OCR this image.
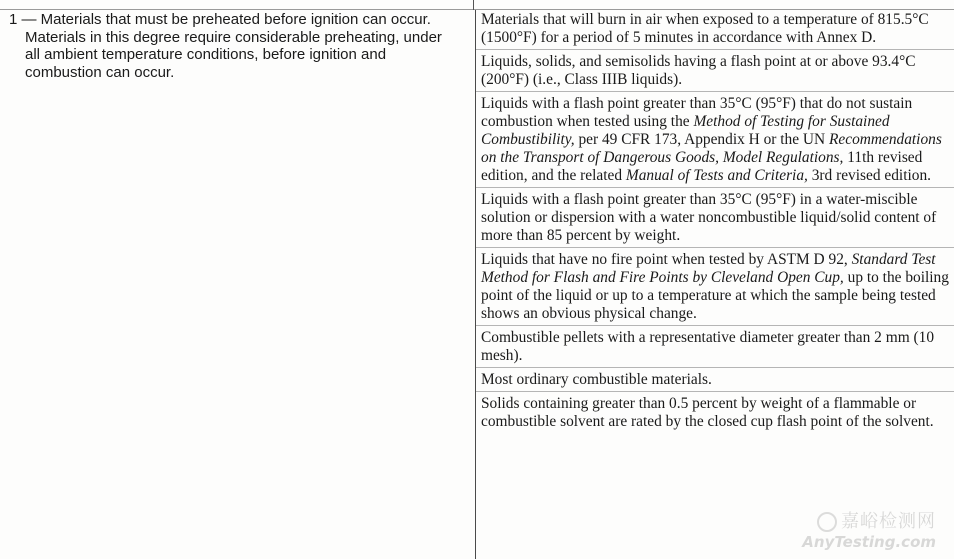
1 — Materials that must be preheated before ignition can occur. Materials in this degree require considerable preheating, under all ambient temperature conditions, before ignition and combustion can occur.
Materials that will burn in air when exposed to a temperature of 815.5°C (1500°F) for a period of 5 minutes in accordance with Annex D.
Liquids, solids, and semisolids having a flash point at or above 93.4°C (200°F) (i.e., Class IIIB liquids).
Liquids with a flash point greater than 35°C (95°F) that do not sustain combustion when tested using the Method of Testing for Sustained Combustibility, per 49 CFR 173, Appendix H or the UN Recommendations on the Transport of Dangerous Goods, Model Regulations, 11th revised edition, and the related Manual of Tests and Criteria, 3rd revised edition.
Liquids with a flash point greater than 35°C (95°F) in a water-miscible solution or dispersion with a water noncombustible liquid/solid content of more than 85 percent by weight.
Liquids that have no fire point when tested by ASTM D 92, Standard Test Method for Flash and Fire Points by Cleveland Open Cup, up to the boiling point of the liquid or up to a temperature at which the sample being tested shows an obvious physical change.
Combustible pellets with a representative diameter greater than 2 mm (10 mesh).
Most ordinary combustible materials.
Solids containing greater than 0.5 percent by weight of a flammable or combustible solvent are rated by the closed cup flash point of the solvent.
嘉峪检测网
AnyTesting.com
